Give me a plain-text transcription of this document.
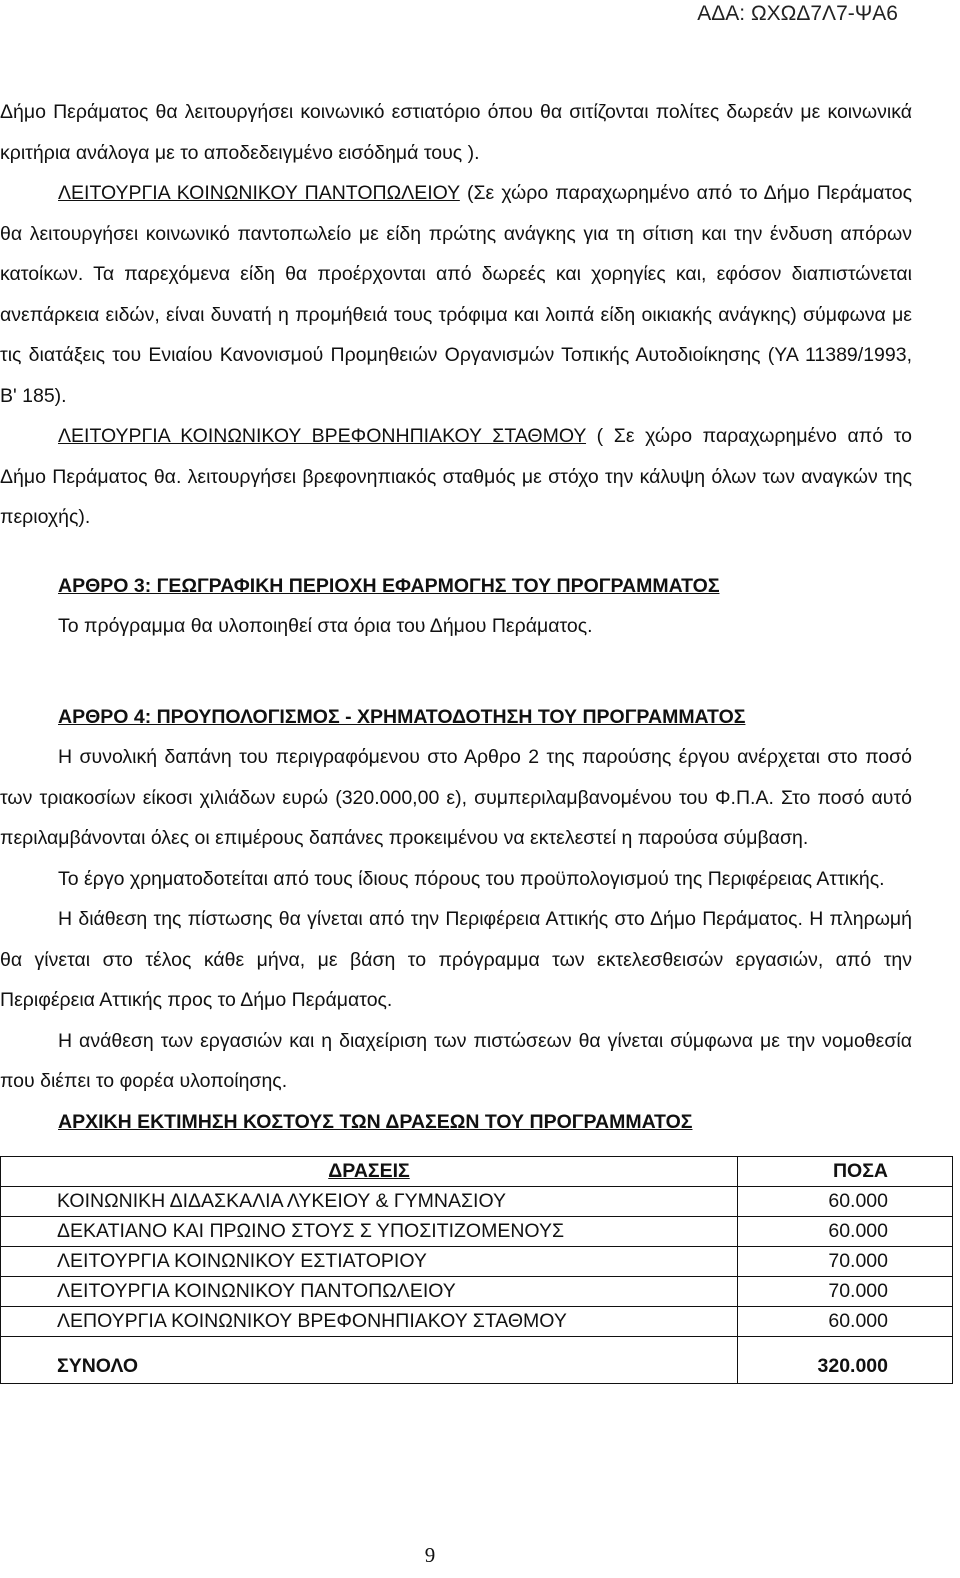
ΑΔΑ: ΩΧΩΔ7Λ7-ΨΑ6

Δήμο Περάματος θα λειτουργήσει κοινωνικό εστιατόριο όπου θα σιτίζονται πολίτες δωρεάν με κοινωνικά κριτήρια ανάλογα με το αποδεδειγμένο εισόδημά τους ).

ΛΕΙΤΟΥΡΓΙΑ ΚΟΙΝΩΝΙΚΟΥ ΠΑΝΤΟΠΩΛΕΙΟΥ (Σε χώρο παραχωρημένο από το Δήμο Περάματος θα λειτουργήσει κοινωνικό παντοπωλείο με είδη πρώτης ανάγκης για τη σίτιση και την ένδυση απόρων κατοίκων. Τα παρεχόμενα είδη θα προέρχονται από δωρεές και χορηγίες και, εφόσον διαπιστώνεται ανεπάρκεια ειδών, είναι δυνατή η προμήθειά τους τρόφιμα και λοιπά είδη οικιακής ανάγκης) σύμφωνα με τις διατάξεις του Ενιαίου Κανονισμού Προμηθειών Οργανισμών Τοπικής Αυτοδιοίκησης (ΥΑ 11389/1993, Β' 185).

ΛΕΙΤΟΥΡΓΙΑ ΚΟΙΝΩΝΙΚΟΥ ΒΡΕΦΟΝΗΠΙΑΚΟΥ ΣΤΑΘΜΟΥ ( Σε χώρο παραχωρημένο από το Δήμο Περάματος θα. λειτουργήσει βρεφονηπιακός σταθμός με στόχο την κάλυψη όλων των αναγκών της περιοχής).

ΑΡΘΡΟ 3: ΓΕΩΓΡΑΦΙΚΗ ΠΕΡΙΟΧΗ ΕΦΑΡΜΟΓΗΣ ΤΟΥ ΠΡΟΓΡΑΜΜΑΤΟΣ

Το πρόγραμμα θα υλοποιηθεί στα όρια του Δήμου Περάματος.

ΑΡΘΡΟ 4: ΠΡΟΥΠΟΛΟΓΙΣΜΟΣ - ΧΡΗΜΑΤΟΔΟΤΗΣΗ ΤΟΥ ΠΡΟΓΡΑΜΜΑΤΟΣ

Η συνολική δαπάνη του περιγραφόμενου στο Αρθρο 2 της παρούσης έργου ανέρχεται στο ποσό των τριακοσίων είκοσι χιλιάδων ευρώ (320.000,00 ε), συμπεριλαμβανομένου του Φ.Π.Α. Στο ποσό αυτό περιλαμβάνονται όλες οι επιμέρους δαπάνες προκειμένου να εκτελεστεί η παρούσα σύμβαση.

Το έργο χρηματοδοτείται από τους ίδιους πόρους του προϋπολογισμού της Περιφέρειας Αττικής.

Η διάθεση της πίστωσης θα γίνεται από την Περιφέρεια Αττικής στο Δήμο Περάματος. Η πληρωμή θα γίνεται στο τέλος κάθε μήνα, με βάση το πρόγραμμα των εκτελεσθεισών εργασιών, από την Περιφέρεια Αττικής προς το Δήμο Περάματος.

Η ανάθεση των εργασιών και η διαχείριση των πιστώσεων θα γίνεται σύμφωνα με την νομοθεσία που διέπει το φορέα υλοποίησης.

ΑΡΧΙΚΗ ΕΚΤΙΜΗΣΗ ΚΟΣΤΟΥΣ ΤΩΝ ΔΡΑΣΕΩΝ ΤΟΥ ΠΡΟΓΡΑΜΜΑΤΟΣ

ΔΡΑΣΕΙΣ	ΠΟΣΑ
ΚΟΙΝΩΝΙΚΗ ΔΙΔΑΣΚΑΛΙΑ ΛΥΚΕΙΟΥ & ΓΥΜΝΑΣΙΟΥ	60.000
ΔΕΚΑΤΙΑΝΟ ΚΑΙ ΠΡΩΙΝΟ ΣΤΟΥΣ Σ ΥΠΟΣΙΤΙΖΟΜΕΝΟΥΣ	60.000
ΛΕΙΤΟΥΡΓΙΑ ΚΟΙΝΩΝΙΚΟΥ ΕΣΤΙΑΤΟΡΙΟΥ	70.000
ΛΕΙΤΟΥΡΓΙΑ ΚΟΙΝΩΝΙΚΟΥ ΠΑΝΤΟΠΩΛΕΙΟΥ	70.000
ΛΕΠΟΥΡΓΙΑ ΚΟΙΝΩΝΙΚΟΥ ΒΡΕΦΟΝΗΠΙΑΚΟΥ ΣΤΑΘΜΟΥ	60.000
ΣΥΝΟΛΟ	320.000
9
